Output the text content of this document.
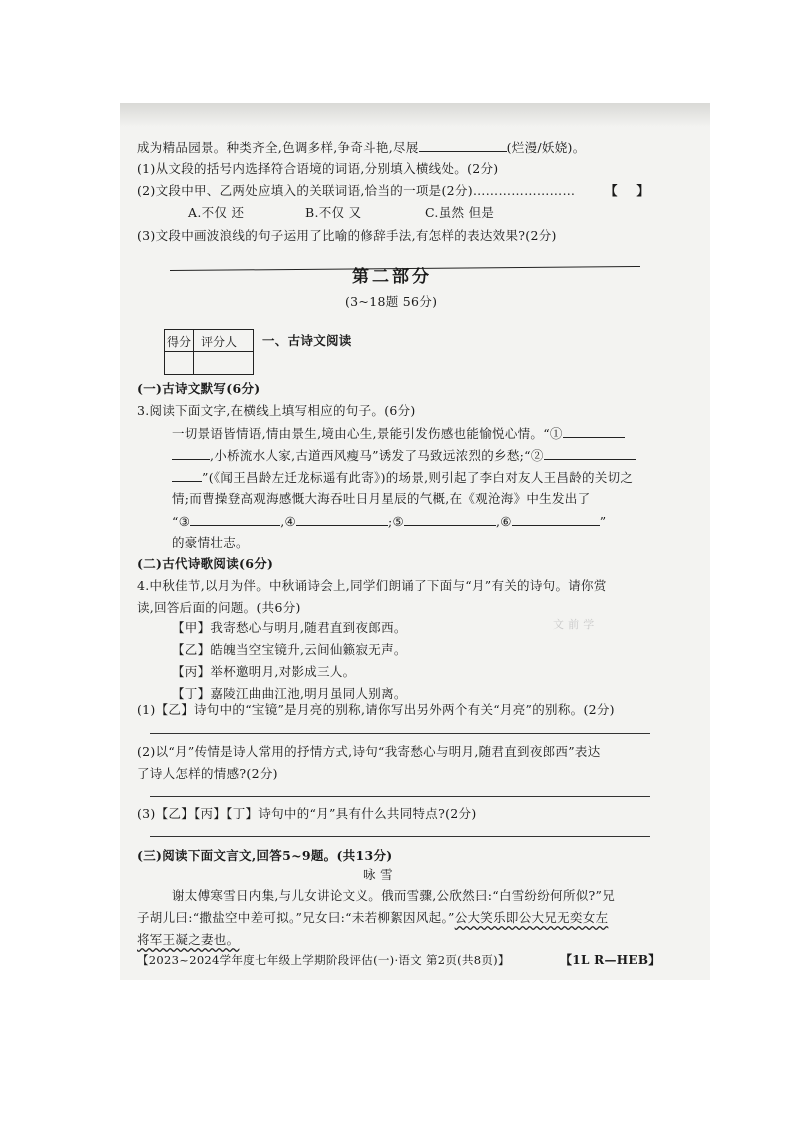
成为精品园景。种类齐全,色调多样,争奇斗艳,尽展	(烂漫/妖娆)。
(1)从文段的括号内选择符合语境的词语,分别填入横线处。(2分)
(2)文段中甲、乙两处应填入的关联词语,恰当的一项是(2分)…………………… 【 】
A.不仅 还	B.不仅 又	C.虽然 但是
(3)文段中画波浪线的句子运用了比喻的修辞手法,有怎样的表达效果?(2分)
第二部分
(3~18题 56分)
得分 评分人 一、古诗文阅读
(一)古诗文默写(6分)
3.阅读下面文字,在横线上填写相应的句子。(6分)
一切景语皆情语,情由景生,境由心生,景能引发伤感也能愉悦心情。“①
,小桥流水人家,古道西风瘦马”诱发了马致远浓烈的乡愁;“②
”(《闻王昌龄左迁龙标遥有此寄》)的场景,则引起了李白对友人王昌龄的关切之
情;而曹操登高观海感慨大海吞吐日月星辰的气概,在《观沧海》中生发出了
“③	,④	;⑤	,⑥	”
的豪情壮志。
(二)古代诗歌阅读(6分)
4.中秋佳节,以月为伴。中秋诵诗会上,同学们朗诵了下面与“月”有关的诗句。请你赏
读,回答后面的问题。(共6分)
【甲】我寄愁心与明月,随君直到夜郎西。	文 前 学
【乙】皓魄当空宝镜升,云间仙籁寂无声。
【丙】举杯邀明月,对影成三人。
【丁】嘉陵江曲曲江池,明月虽同人别离。
(1)【乙】诗句中的“宝镜”是月亮的别称,请你写出另外两个有关“月亮”的别称。(2分)
(2)以“月”传情是诗人常用的抒情方式,诗句“我寄愁心与明月,随君直到夜郎西”表达
了诗人怎样的情感?(2分)
(3)【乙】【丙】【丁】诗句中的“月”具有什么共同特点?(2分)
(三)阅读下面文言文,回答5~9题。(共13分)
咏 雪
谢太傅寒雪日内集,与儿女讲论文义。俄而雪骤,公欣然曰:“白雪纷纷何所似?”兄
子胡儿曰:“撒盐空中差可拟。”兄女曰:“未若柳絮因风起。”公大笑乐即公大兄无奕女左
将军王凝之妻也。
【2023~2024学年度七年级上学期阶段评估(一)·语文 第2页(共8页)】	【1L R—HEB】
